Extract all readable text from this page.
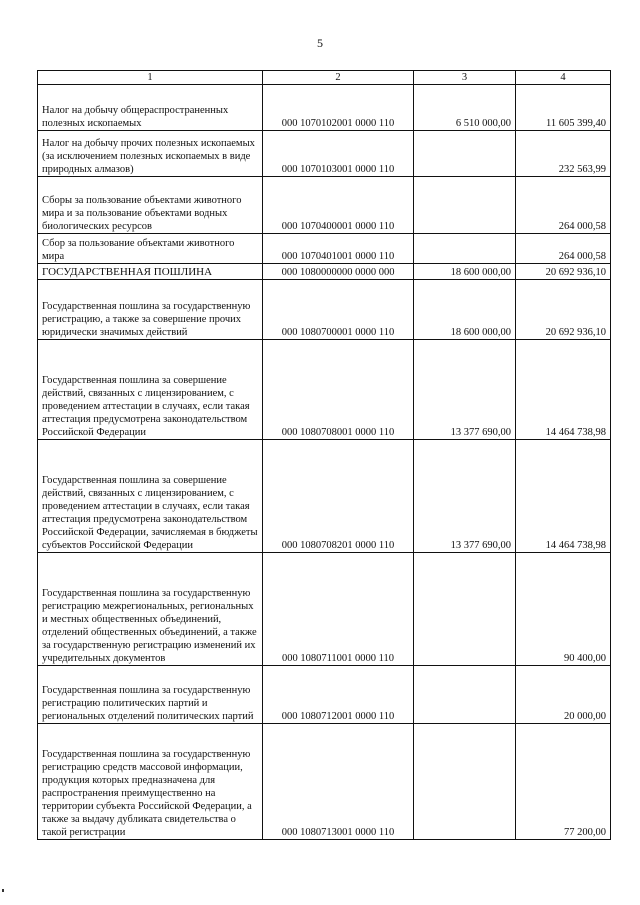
5
1	2	3	4
Налог на добычу общераспространенных полезных ископаемых	000 1070102001 0000 110	6 510 000,00	11 605 399,40
Налог на добычу прочих полезных ископаемых (за исключением полезных ископаемых в виде природных алмазов)	000 1070103001 0000 110		232 563,99
Сборы за пользование объектами животного мира и за пользование объектами водных биологических ресурсов	000 1070400001 0000 110		264 000,58
Сбор за пользование объектами животного мира	000 1070401001 0000 110		264 000,58
ГОСУДАРСТВЕННАЯ ПОШЛИНА	000 1080000000 0000 000	18 600 000,00	20 692 936,10
Государственная пошлина за государственную регистрацию, а также за совершение прочих юридически значимых действий	000 1080700001 0000 110	18 600 000,00	20 692 936,10
Государственная пошлина за совершение действий, связанных с лицензированием, с проведением аттестации в случаях, если такая аттестация предусмотрена законодательством Российской Федерации	000 1080708001 0000 110	13 377 690,00	14 464 738,98
Государственная пошлина за совершение действий, связанных с лицензированием, с проведением аттестации в случаях, если такая аттестация предусмотрена законодательством Российской Федерации, зачисляемая в бюджеты субъектов Российской Федерации	000 1080708201 0000 110	13 377 690,00	14 464 738,98
Государственная пошлина за государственную регистрацию межрегиональных, региональных и местных общественных объединений, отделений общественных объединений, а также за государственную регистрацию изменений их учредительных документов	000 1080711001 0000 110		90 400,00
Государственная пошлина за государственную регистрацию политических партий и региональных отделений политических партий	000 1080712001 0000 110		20 000,00
Государственная пошлина за государственную регистрацию средств массовой информации, продукция которых предназначена для распространения преимущественно на территории субъекта Российской Федерации, а также за выдачу дубликата свидетельства о такой регистрации	000 1080713001 0000 110		77 200,00
